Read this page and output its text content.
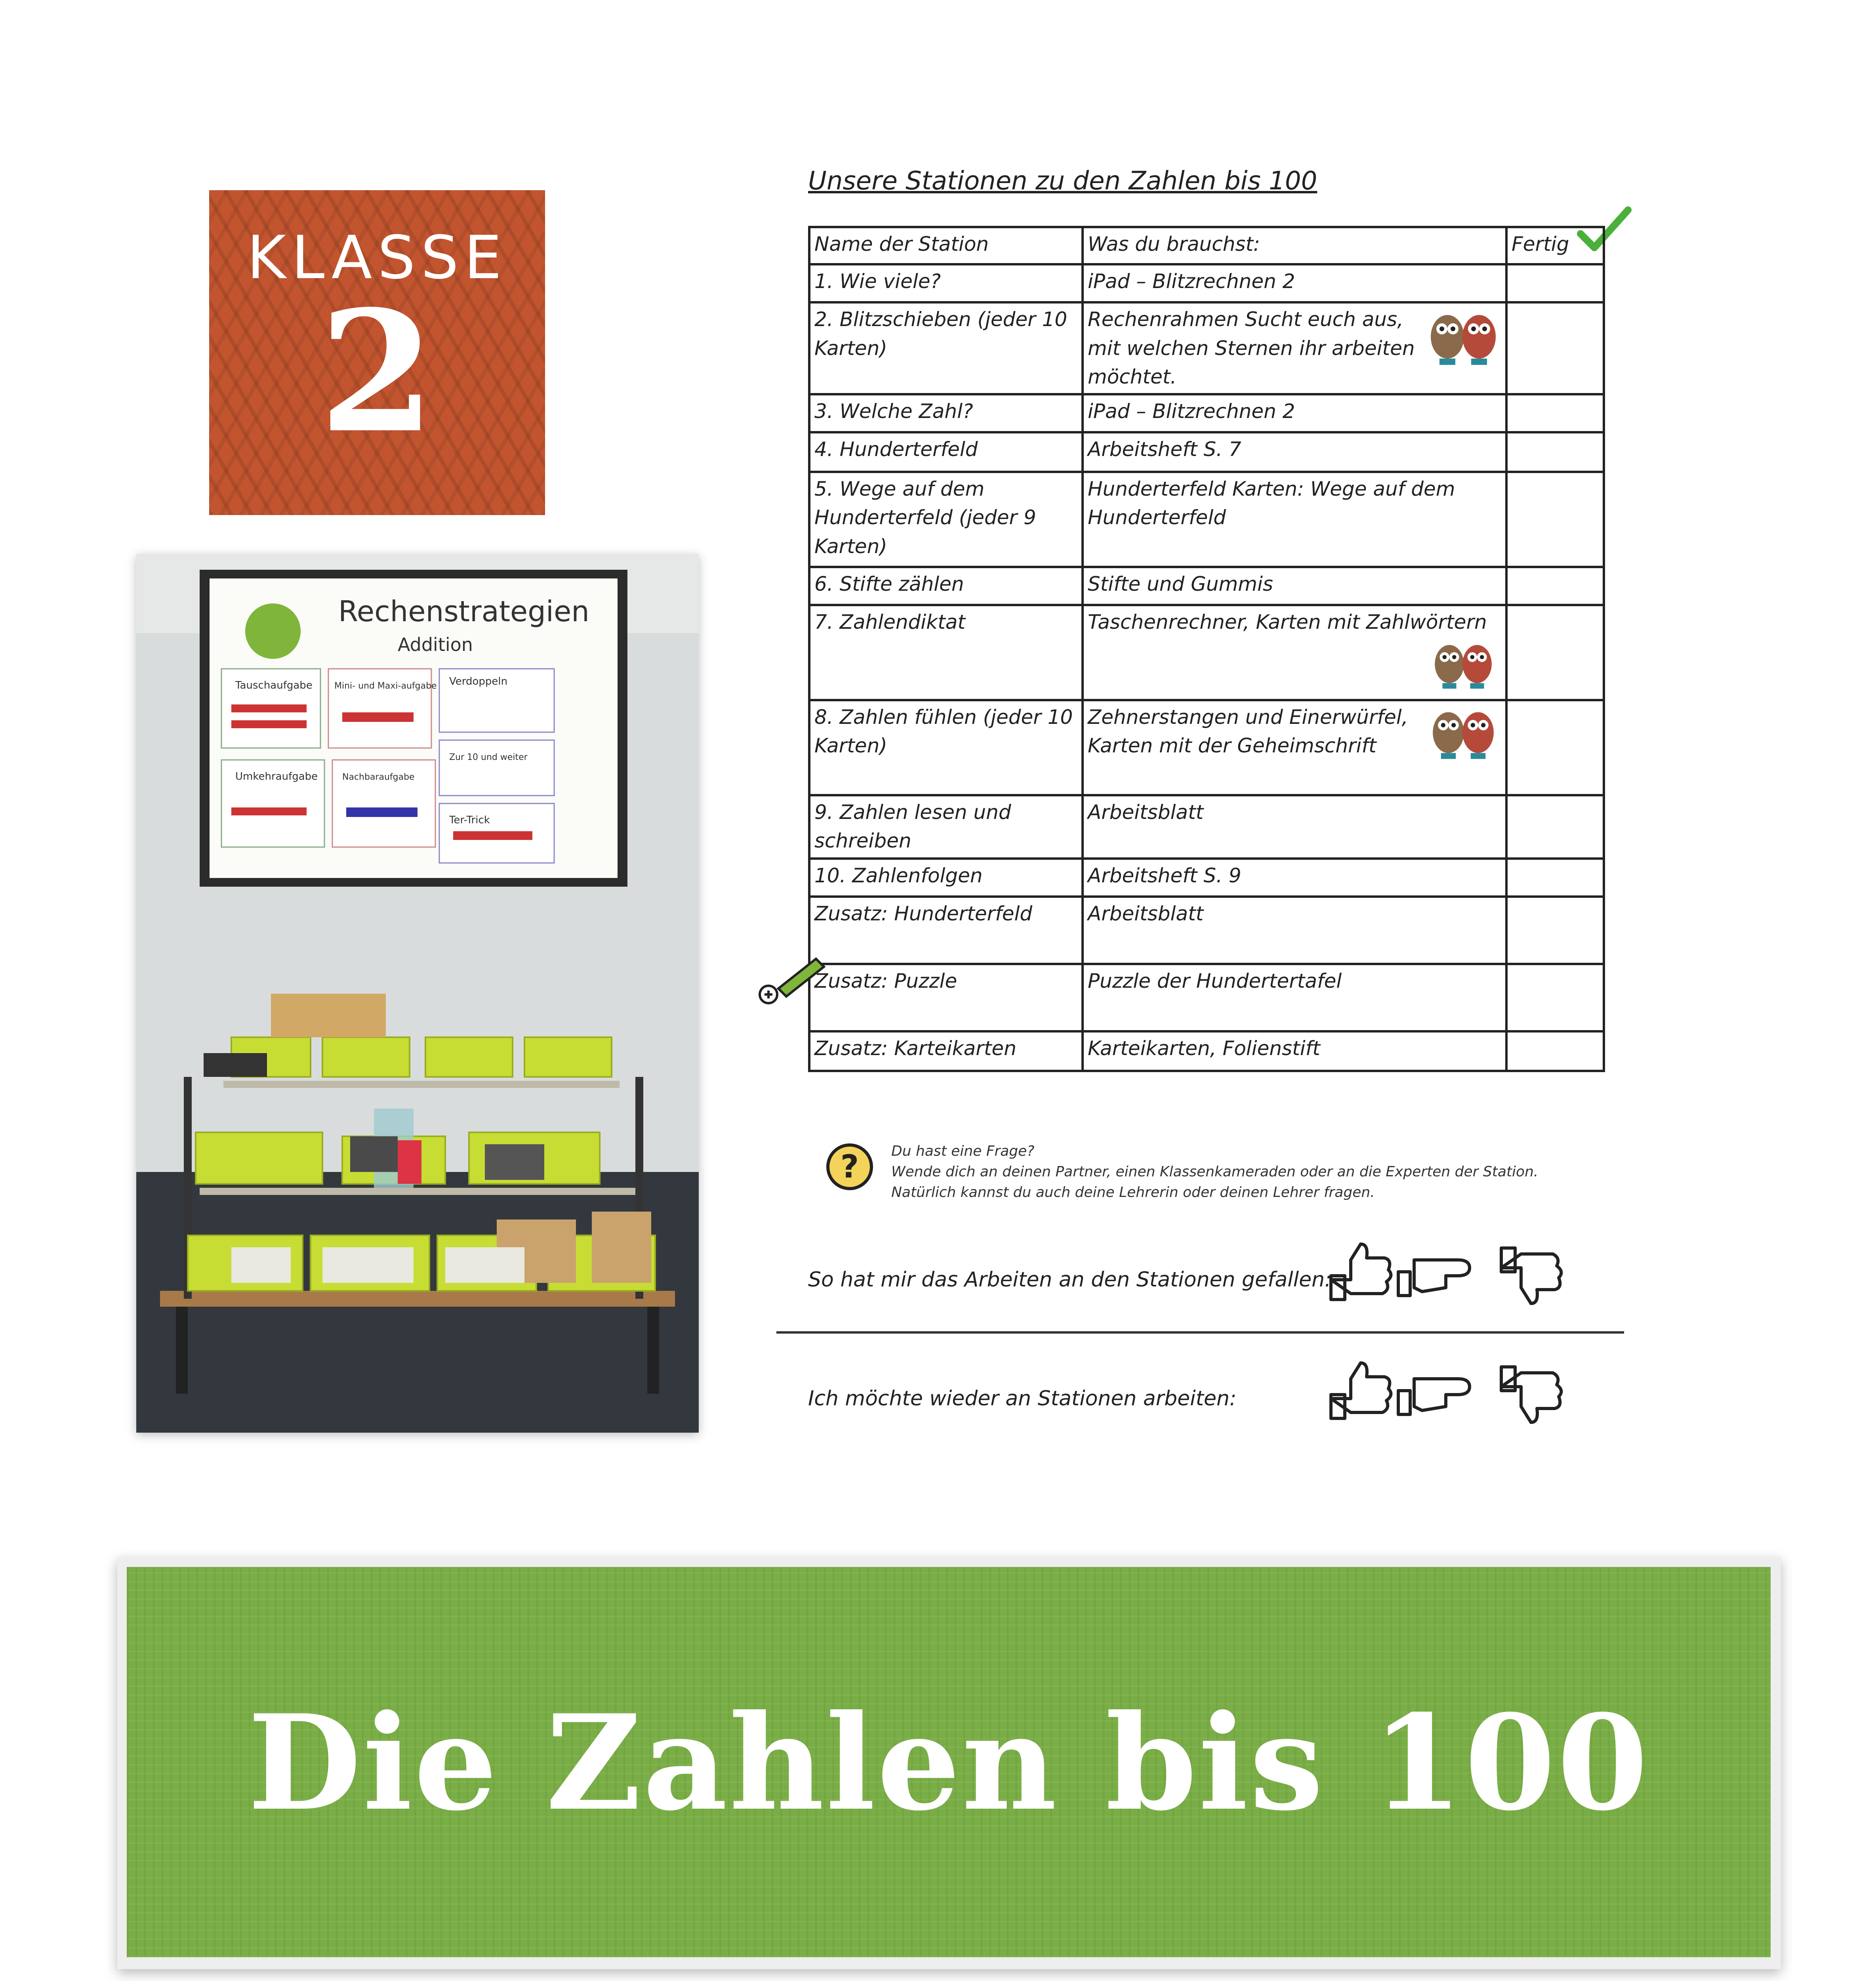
KLASSE
2
Rechenstrategien
Addition
Tauschaufgabe	Mini- und Maxi-aufgabe Verdoppeln
Umkehraufgabe	Nachbaraufgabe
Zur 10 und weiter
Ter-Trick
Unsere Stationen zu den Zahlen bis 100
Name der Station	Was du brauchst:	Fertig
1. Wie viele?	iPad – Blitzrechnen 2	
2. Blitzschieben (jeder 10 Karten)	Rechenrahmen Sucht euch aus, mit welchen Sternen ihr arbeiten möchtet.	
3. Welche Zahl?	iPad – Blitzrechnen 2	
4. Hunderterfeld	Arbeitsheft S. 7	
5. Wege auf dem Hunderterfeld (jeder 9 Karten)	Hunderterfeld Karten: Wege auf dem Hunderterfeld	
6. Stifte zählen	Stifte und Gummis	
7. Zahlendiktat	Taschenrechner, Karten mit Zahlwörtern

8. Zahlen fühlen (jeder 10 Karten)	Zehnerstangen und Einerwürfel, Karten mit der Geheimschrift	
9. Zahlen lesen und schreiben	Arbeitsblatt	
10. Zahlenfolgen	Arbeitsheft S. 9	
Zusatz: Hunderterfeld	Arbeitsblatt	
Zusatz: Puzzle	Puzzle der Hundertertafel	
Zusatz: Karteikarten	Karteikarten, Folienstift	
? Du hast eine Frage?
Wende dich an deinen Partner, einen Klassenkameraden oder an die Experten der Station.
Natürlich kannst du auch deine Lehrerin oder deinen Lehrer fragen.
So hat mir das Arbeiten an den Stationen gefallen:
Ich möchte wieder an Stationen arbeiten:
Die Zahlen bis 100
